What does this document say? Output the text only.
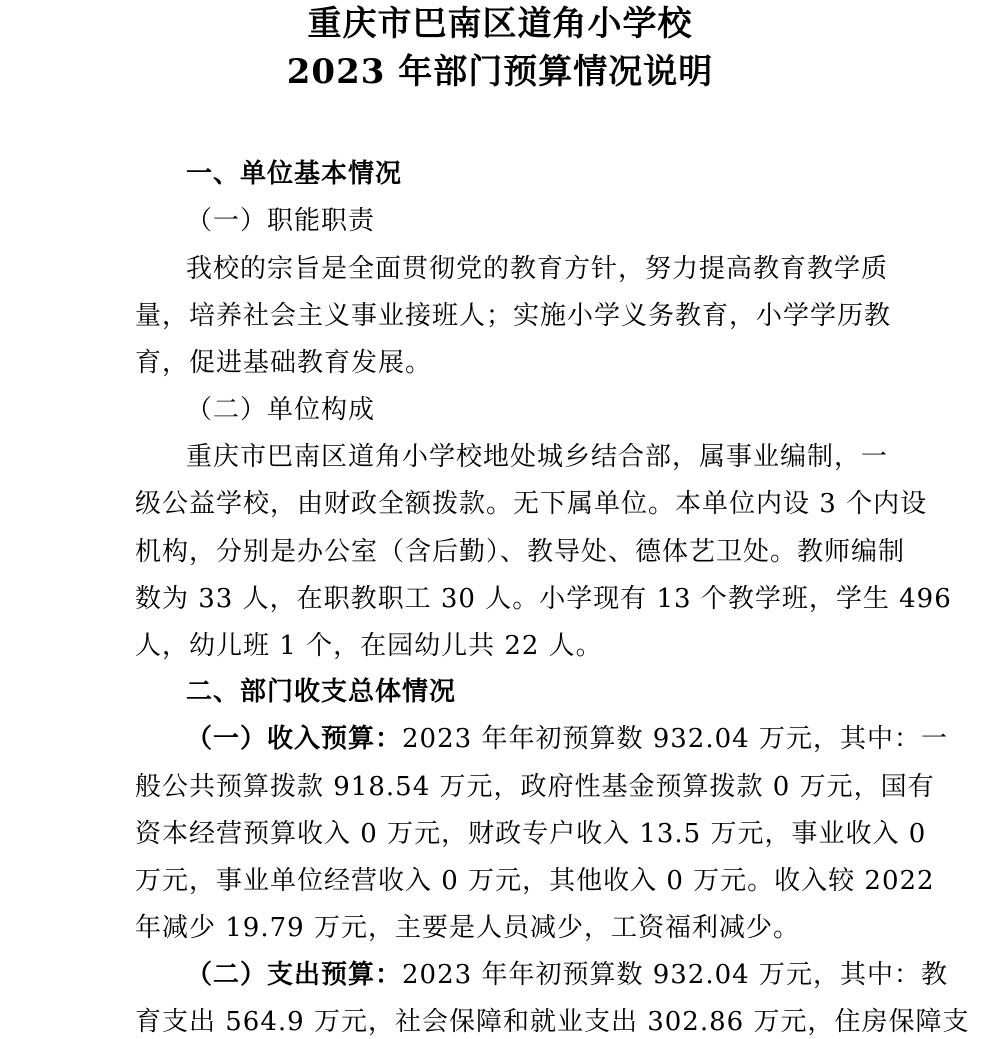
重庆市巴南区道角小学校
2023 年部门预算情况说明
一、单位基本情况
（一）职能职责
我校的宗旨是全面贯彻党的教育方针，努力提高教育教学质
量，培养社会主义事业接班人；实施小学义务教育，小学学历教
育，促进基础教育发展。
（二）单位构成
重庆市巴南区道角小学校地处城乡结合部，属事业编制，一
级公益学校，由财政全额拨款。无下属单位。本单位内设 3 个内设
机构，分别是办公室（含后勤）、教导处、德体艺卫处。教师编制
数为 33 人，在职教职工 30 人。小学现有 13 个教学班，学生 496
人，幼儿班 1 个，在园幼儿共 22 人。
二、部门收支总体情况
（一）收入预算：2023 年年初预算数 932.04 万元，其中：一
般公共预算拨款 918.54 万元，政府性基金预算拨款 0 万元，国有
资本经营预算收入 0 万元，财政专户收入 13.5 万元，事业收入 0
万元，事业单位经营收入 0 万元，其他收入 0 万元。收入较 2022
年减少 19.79 万元，主要是人员减少，工资福利减少。
（二）支出预算：2023 年年初预算数 932.04 万元，其中：教
育支出 564.9 万元，社会保障和就业支出 302.86 万元，住房保障支
